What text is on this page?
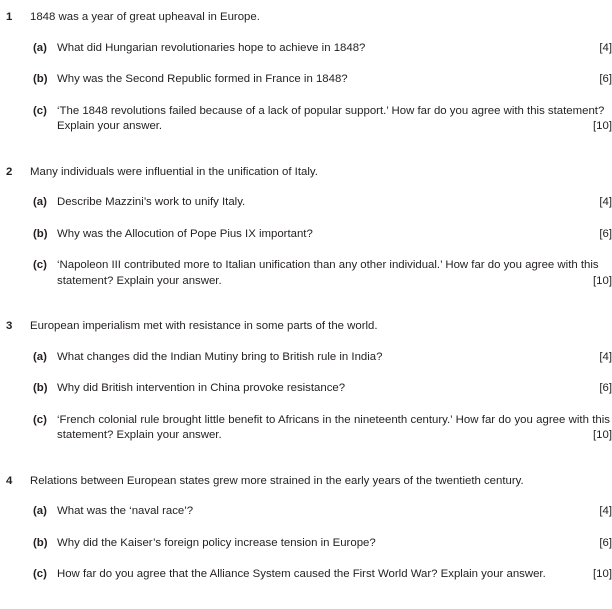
1	1848 was a year of great upheaval in Europe.
(a) What did Hungarian revolutionaries hope to achieve in 1848?	[4]
(b) Why was the Second Republic formed in France in 1848?	[6]
(c) ‘The 1848 revolutions failed because of a lack of popular support.’ How far do you agree with this statement? Explain your answer.	[10]
2	Many individuals were influential in the unification of Italy.
(a) Describe Mazzini’s work to unify Italy.	[4]
(b) Why was the Allocution of Pope Pius IX important?	[6]
(c) ‘Napoleon III contributed more to Italian unification than any other individual.’ How far do you agree with this statement? Explain your answer.	[10]
3	European imperialism met with resistance in some parts of the world.
(a) What changes did the Indian Mutiny bring to British rule in India?	[4]
(b) Why did British intervention in China provoke resistance?	[6]
(c) ‘French colonial rule brought little benefit to Africans in the nineteenth century.’ How far do you agree with this statement? Explain your answer.	[10]
4	Relations between European states grew more strained in the early years of the twentieth century.
(a) What was the ‘naval race’?	[4]
(b) Why did the Kaiser’s foreign policy increase tension in Europe?	[6]
(c) How far do you agree that the Alliance System caused the First World War? Explain your answer.	[10]
